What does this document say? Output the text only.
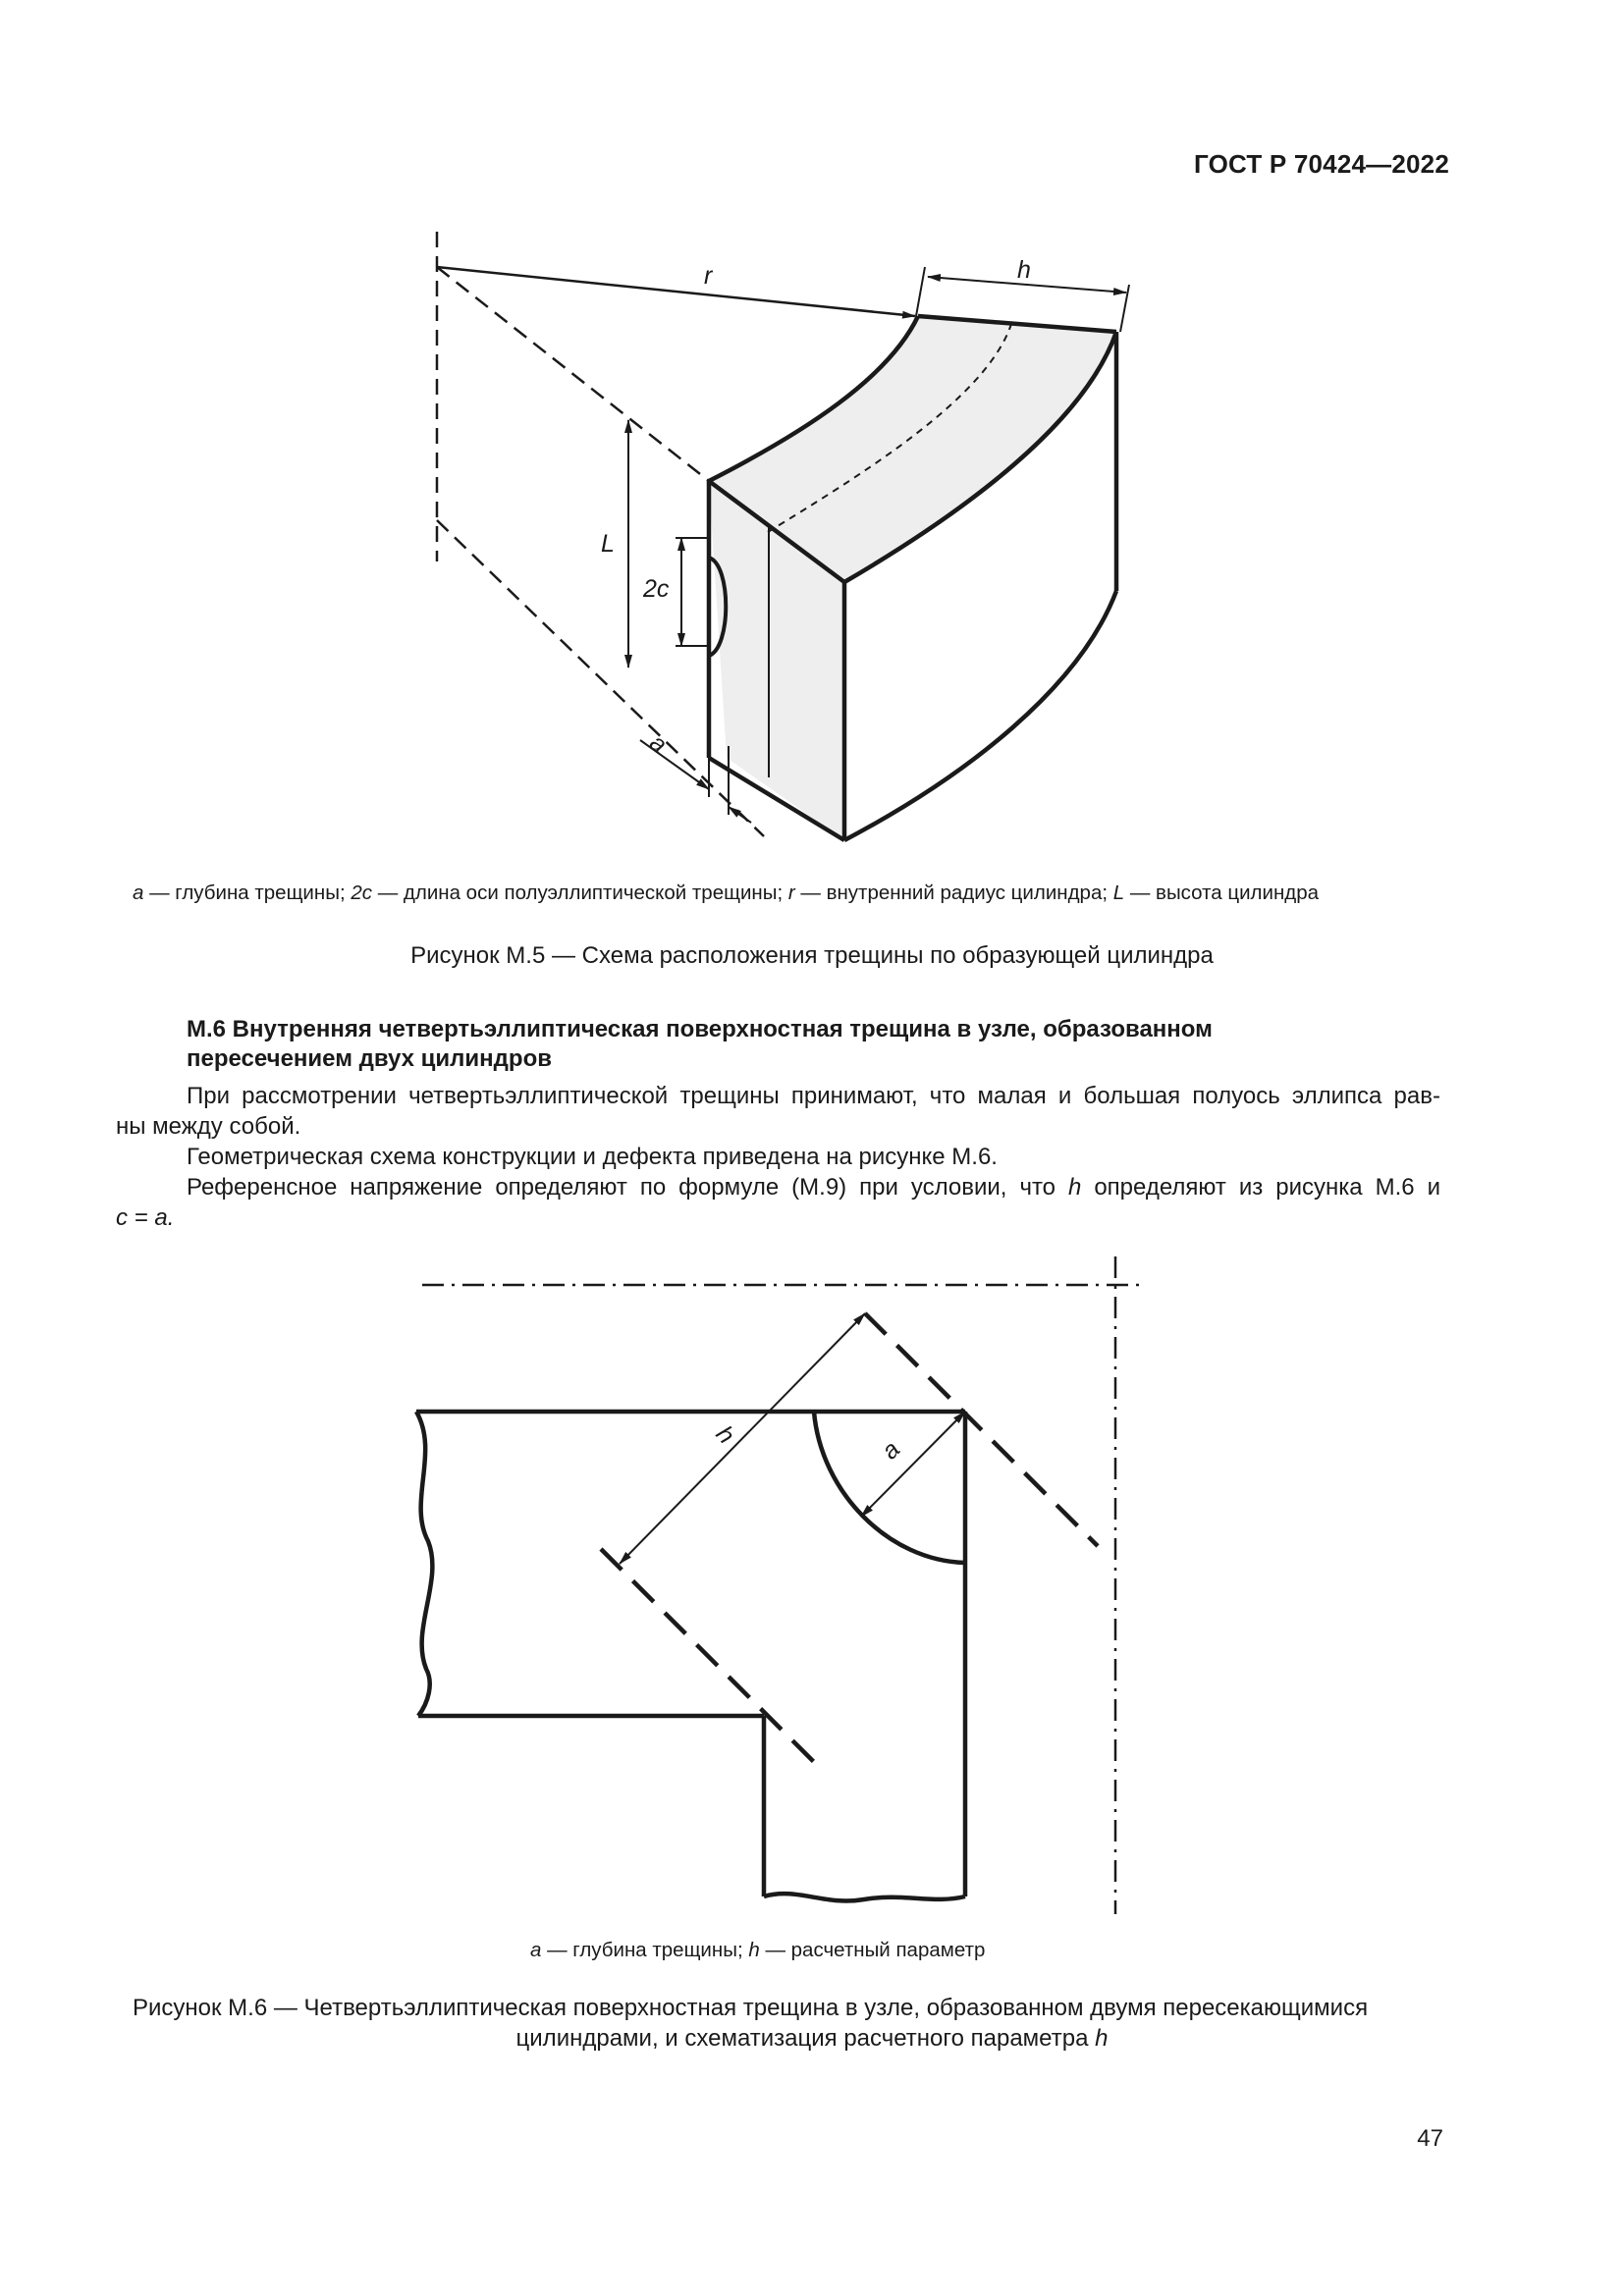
ГОСТ Р 70424—2022
r	h
L
2c
a
h
a
a — глубина трещины; 2c — длина оси полуэллиптической трещины; r — внутренний радиус цилиндра; L — высота цилиндра
Рисунок М.5 — Схема расположения трещины по образующей цилиндра
М.6 Внутренняя четвертьэллиптическая поверхностная трещина в узле, образованном
пересечением двух цилиндров
При рассмотрении четвертьэллиптической трещины принимают, что малая и большая полуось эллипса рав-
ны между собой.
Геометрическая схема конструкции и дефекта приведена на рисунке М.6.
Референсное напряжение определяют по формуле (М.9) при условии, что h определяют из рисунка М.6 и
c = a.
a — глубина трещины; h — расчетный параметр
Рисунок М.6 — Четвертьэллиптическая поверхностная трещина в узле, образованном двумя пересекающимися
цилиндрами, и схематизация расчетного параметра h
47
